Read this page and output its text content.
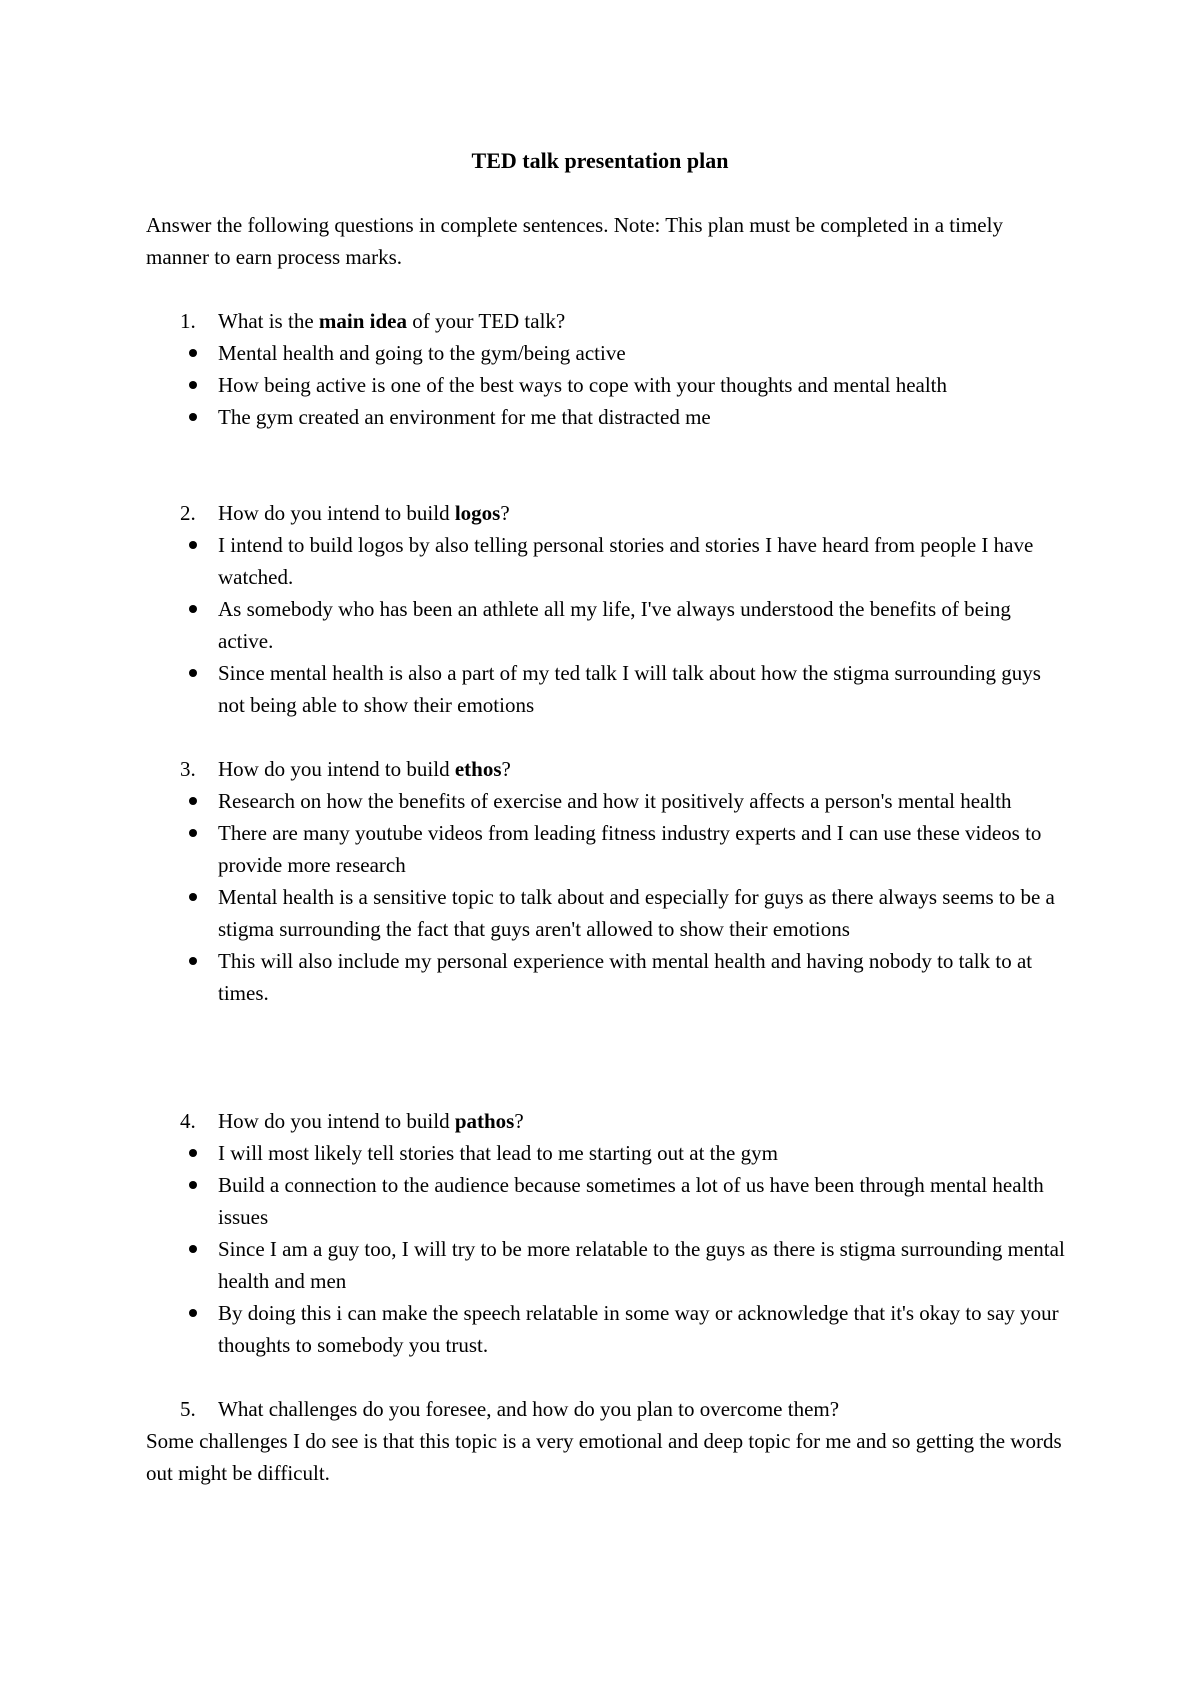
TED talk presentation plan
Answer the following questions in complete sentences. Note: This plan must be completed in a timely manner to earn process marks.
1. What is the main idea of your TED talk?
Mental health and going to the gym/being active
How being active is one of the best ways to cope with your thoughts and mental health
The gym created an environment for me that distracted me
2. How do you intend to build logos?
I intend to build logos by also telling personal stories and stories I have heard from people I have watched.
As somebody who has been an athlete all my life, I've always understood the benefits of being active.
Since mental health is also a part of my ted talk I will talk about how the stigma surrounding guys not being able to show their emotions
3. How do you intend to build ethos?
Research on how the benefits of exercise and how it positively affects a person's mental health
There are many youtube videos from leading fitness industry experts and I can use these videos to provide more research
Mental health is a sensitive topic to talk about and especially for guys as there always seems to be a stigma surrounding the fact that guys aren't allowed to show their emotions
This will also include my personal experience with mental health and having nobody to talk to at times.
4. How do you intend to build pathos?
I will most likely tell stories that lead to me starting out at the gym
Build a connection to the audience because sometimes a lot of us have been through mental health issues
Since I am a guy too, I will try to be more relatable to the guys as there is stigma surrounding mental health and men
By doing this i can make the speech relatable in some way or acknowledge that it's okay to say your thoughts to somebody you trust.
5. What challenges do you foresee, and how do you plan to overcome them?
Some challenges I do see is that this topic is a very emotional and deep topic for me and so getting the words out might be difficult.
